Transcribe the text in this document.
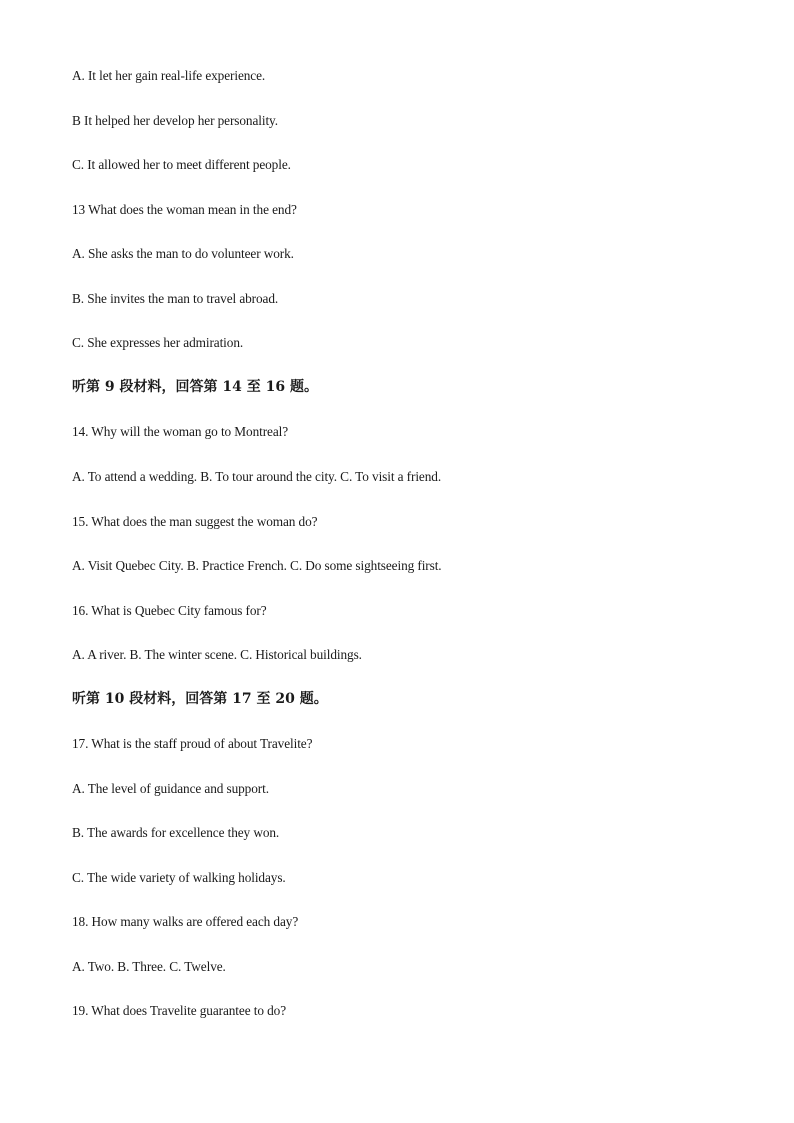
A. It let her gain real-life experience.
B It helped her develop her personality.
C. It allowed her to meet different people.
13 What does the woman mean in the end?
A. She asks the man to do volunteer work.
B. She invites the man to travel abroad.
C. She expresses her admiration.
听第 9 段材料，回答第 14 至 16 题。
14. Why will the woman go to Montreal?
A. To attend a wedding. B. To tour around the city. C. To visit a friend.
15. What does the man suggest the woman do?
A. Visit Quebec City. B. Practice French. C. Do some sightseeing first.
16. What is Quebec City famous for?
A. A river. B. The winter scene. C. Historical buildings.
听第 10 段材料，回答第 17 至 20 题。
17. What is the staff proud of about Travelite?
A. The level of guidance and support.
B. The awards for excellence they won.
C. The wide variety of walking holidays.
18. How many walks are offered each day?
A. Two. B. Three. C. Twelve.
19. What does Travelite guarantee to do?
